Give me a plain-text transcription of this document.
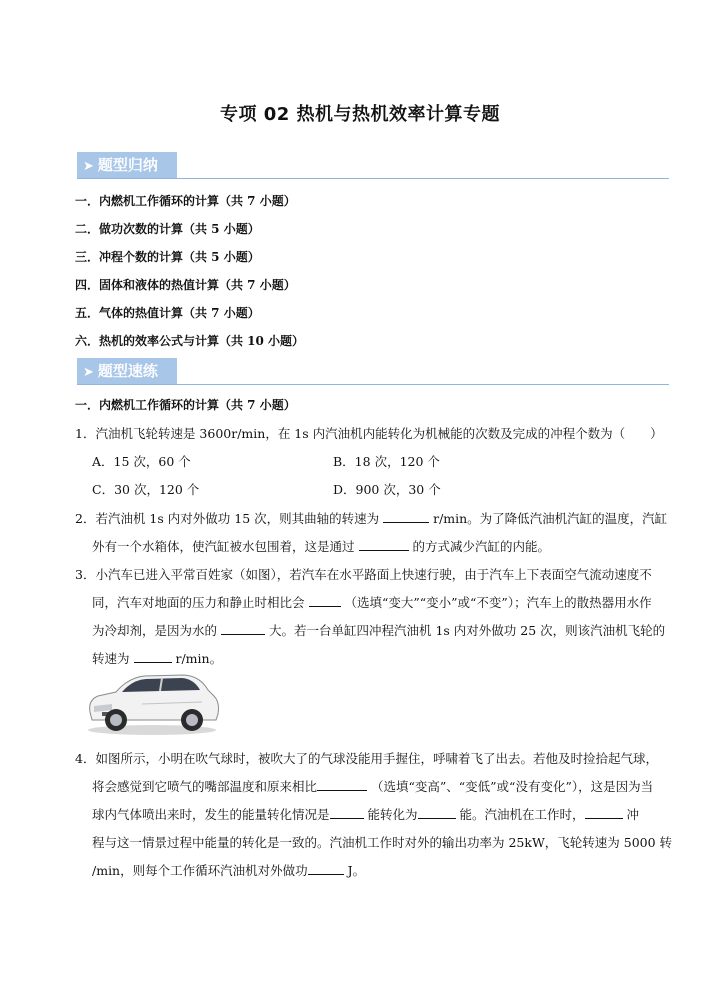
专项 02 热机与热机效率计算专题
➤ 题型归纳
一．内燃机工作循环的计算（共 7 小题）
二．做功次数的计算（共 5 小题）
三．冲程个数的计算（共 5 小题）
四．固体和液体的热值计算（共 7 小题）
五．气体的热值计算（共 7 小题）
六．热机的效率公式与计算（共 10 小题）
➤ 题型速练
一．内燃机工作循环的计算（共 7 小题）
1．汽油机飞轮转速是 3600r/min，在 1s 内汽油机内能转化为机械能的次数及完成的冲程个数为（　　）
A．15 次，60 个	B．18 次，120 个
C．30 次，120 个	D．900 次，30 个
2．若汽油机 1s 内对外做功 15 次，则其曲轴的转速为	r/min。为了降低汽油机汽缸的温度，汽缸
外有一个水箱体，使汽缸被水包围着，这是通过	的方式减少汽缸的内能。
3．小汽车已进入平常百姓家（如图），若汽车在水平路面上快速行驶，由于汽车上下表面空气流动速度不
同，汽车对地面的压力和静止时相比会	（选填“变大”“变小”或“不变”）；汽车上的散热器用水作
为冷却剂，是因为水的	大。若一台单缸四冲程汽油机 1s 内对外做功 25 次，则该汽油机飞轮的
转速为	r/min。
4．如图所示，小明在吹气球时，被吹大了的气球没能用手握住，呼啸着飞了出去。若他及时捡拾起气球，
将会感觉到它喷气的嘴部温度和原来相比	（选填“变高”、“变低”或“没有变化”），这是因为当
球内气体喷出来时，发生的能量转化情况是	能转化为	能。汽油机在工作时，	冲
程与这一情景过程中能量的转化是一致的。汽油机工作时对外的输出功率为 25kW，飞轮转速为 5000 转
/min，则每个工作循环汽油机对外做功	J。
